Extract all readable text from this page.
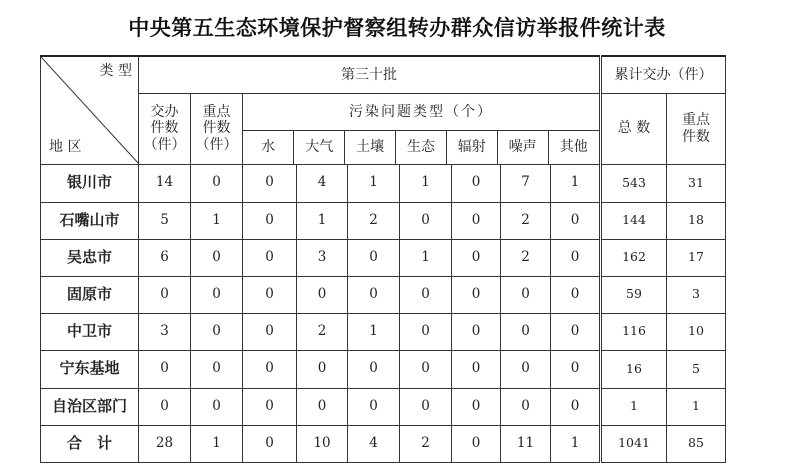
中央第五生态环境保护督察组转办群众信访举报件统计表
类 型
地 区
	第三十批	累计交办（件）

交办
件数
（件）

重点
件数
（件）

污染问题类型（个）
水	大气	土壤	生态	辐射	噪声	其他
	总 数	
重点
件数

银川市	14	0	0	4	1	1	0	7	1	543	31
石嘴山市	5	1	0	1	2	0	0	2	0	144	18
吴忠市	6	0	0	3	0	1	0	2	0	162	17
固原市	0	0	0	0	0	0	0	0	0	59	3
中卫市	3	0	0	2	1	0	0	0	0	116	10
宁东基地	0	0	0	0	0	0	0	0	0	16	5
自治区部门	0	0	0	0	0	0	0	0	0	1	1
合　计	28	1	0	10	4	2	0	11	1	1041	85
